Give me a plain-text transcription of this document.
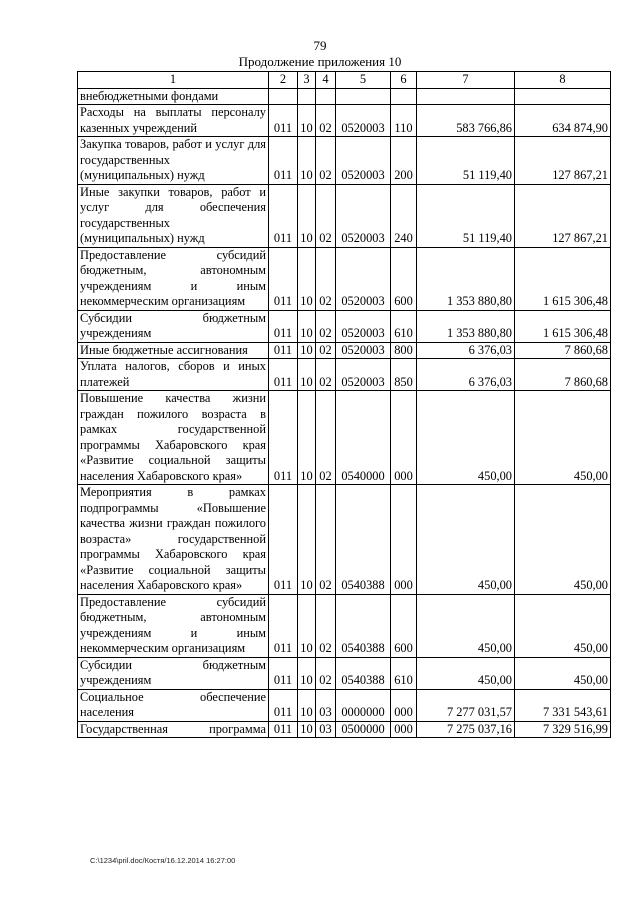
79
Продолжение приложения 10
1	2	3	4	5	6	7	8
внебюджетными фондами							
Расходы на выплаты персоналу казенных учреждений	011	10	02	0520003	110	583 766,86	634 874,90
Закупка товаров, работ и услуг для государственных (муниципальных) нужд	011	10	02	0520003	200	51 119,40	127 867,21
Иные закупки товаров, работ и услуг для обеспечения государственных (муниципальных) нужд	011	10	02	0520003	240	51 119,40	127 867,21
Предоставление субсидий бюджетным, автономным учреждениям и иным некоммерческим организациям	011	10	02	0520003	600	1 353 880,80	1 615 306,48
Субсидии бюджетным учреждениям	011	10	02	0520003	610	1 353 880,80	1 615 306,48
Иные бюджетные ассигнования	011	10	02	0520003	800	6 376,03	7 860,68
Уплата налогов, сборов и иных платежей	011	10	02	0520003	850	6 376,03	7 860,68
Повышение качества жизни граждан пожилого возраста в рамках государственной программы Хабаровского края «Развитие социальной защиты населения Хабаровского края»	011	10	02	0540000	000	450,00	450,00
Мероприятия в рамках подпрограммы «Повышение качества жизни граждан пожилого возраста» государственной программы Хабаровского края «Развитие социальной защиты населения Хабаровского края»	011	10	02	0540388	000	450,00	450,00
Предоставление субсидий бюджетным, автономным учреждениям и иным некоммерческим организациям	011	10	02	0540388	600	450,00	450,00
Субсидии бюджетным учреждениям	011	10	02	0540388	610	450,00	450,00
Социальное обеспечение населения	011	10	03	0000000	000	7 277 031,57	7 331 543,61
Государственная программа	011	10	03	0500000	000	7 275 037,16	7 329 516,99
C:\1234\pril.doc/Костя/16.12.2014 16:27:00
